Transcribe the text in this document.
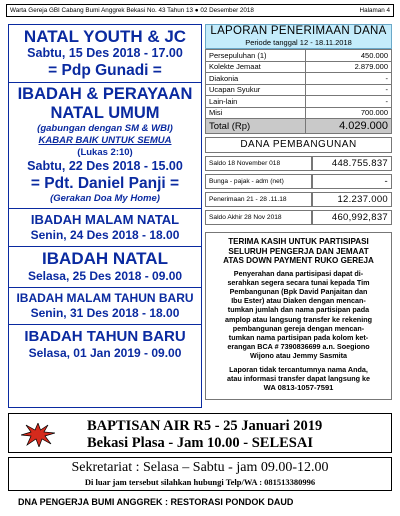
Warta Gereja GBI Cabang Bumi Anggrek Bekasi No. 43 Tahun 13 ● 02 Desember 2018	Halaman 4
NATAL YOUTH & JC
Sabtu, 15 Des 2018 - 17.00
= Pdp Gunadi =
IBADAH & PERAYAAN
NATAL UMUM
(gabungan dengan SM & WBI)
KABAR BAIK UNTUK SEMUA
(Lukas 2:10)
Sabtu, 22 Des 2018 - 15.00
= Pdt. Daniel Panji =
(Gerakan Doa My Home)
IBADAH MALAM NATAL
Senin, 24 Des 2018 - 18.00
IBADAH NATAL
Selasa, 25 Des 2018 - 09.00
IBADAH MALAM TAHUN BARU
Senin, 31 Des 2018 - 18.00
IBADAH TAHUN BARU
Selasa, 01 Jan 2019 - 09.00
LAPORAN PENERIMAAN DANA
Periode tanggal 12 - 18.11.2018
Persepuluhan (1)	450.000
Kolekte Jemaat	2.879.000
Diakonia	-
Ucapan Syukur	-
Lain-lain	-
Misi	700.000
Total (Rp)	4.029.000
DANA PEMBANGUNAN
Saldo 18 November 018	448.755.837
Bunga - pajak - adm (net)	-
Penerimaan 21 - 28 .11.18	12.237.000
Saldo Akhir 28 Nov 2018	460,992,837
TERIMA KASIH UNTUK PARTISIPASI
SELURUH PENGERJA DAN JEMAAT
ATAS DOWN PAYMENT RUKO GEREJA
Penyerahan dana partisipasi dapat di-
serahkan segera secara tunai kepada Tim
Pembangunan (Bpk David Panjaitan dan
Ibu Ester) atau Diaken dengan mencan-
tumkan jumlah dan nama partisipan pada
amplop atau langsung transfer ke rekening
pembangunan gereja dengan mencan-
tumkan nama partisipan pada kolom ket-
erangan BCA # 7390836699 a.n. Soegiono
Wijono atau Jemmy Sasmita
Laporan tidak tercantumnya nama Anda,
atau informasi transfer dapat langsung ke
WA 0813-1057-7591
BAPTISAN AIR R5 - 25 Januari 2019
Bekasi Plasa - Jam 10.00 - SELESAI
Sekretariat : Selasa – Sabtu - jam 09.00-12.00
Di luar jam tersebut silahkan hubungi Telp/WA : 081513380996
DNA PENGERJA BUMI ANGGREK : RESTORASI PONDOK DAUD
